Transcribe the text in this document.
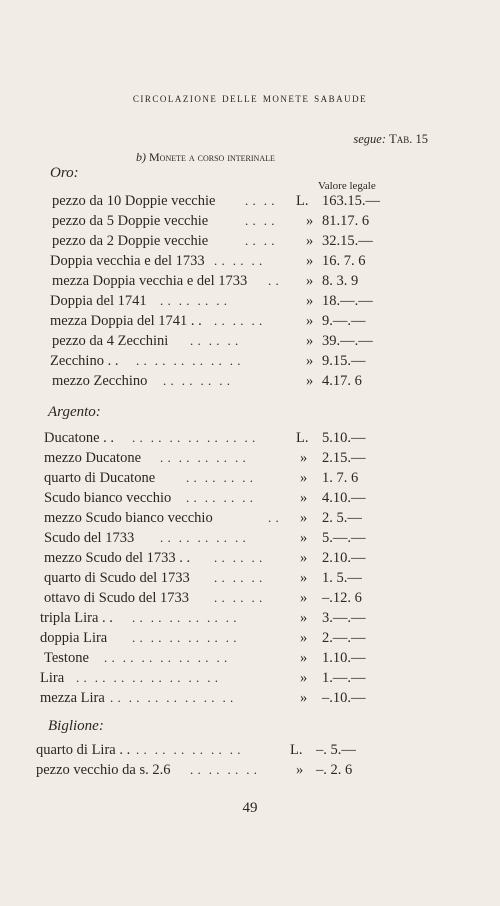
circolazione delle monete sabaude
segue: Tab. 15
b) Monete a corso interinale
Oro:
Valore legale
pezzo da 10 Doppie vecchie . .  . . L. 163.15.—
pezzo da 5 Doppie vecchie	. .  . . » 81.17. 6
pezzo da 2 Doppie vecchie	. .  . . » 32.15.—
Doppia vecchia e del 1733 . .  . .  . .	» 16. 7. 6
mezza Doppia vecchia e del 1733 . . » 8. 3. 9
Doppia del 1741 . .  . .  . .  . .	» 18.—.—
mezza Doppia del 1741 . . . .  . .  . .	» 9.—.—
pezzo da 4 Zecchini . .  . .  . .	» 39.—.—
Zecchino . . . .  . .  . .  . .  . .  . .	» 9.15.—
mezzo Zecchino . .  . .  . .  . .	» 4.17. 6
Argento:
Ducatone . . . .  . .  . .  . .  . .  . .  . .	L. 5.10.—
mezzo Ducatone . .  . .  . .  . .  . .	» 2.15.—
quarto di Ducatone . .  . .  . .  . .	» 1. 7. 6
Scudo bianco vecchio . .  . .  . .  . .	» 4.10.—
mezzo Scudo bianco vecchio	. . » 2. 5.—
Scudo del 1733 . .  . .  . .  . .  . .	» 5.—.—
mezzo Scudo del 1733 . . . .  . .  . .	» 2.10.—
quarto di Scudo del 1733 . .  . .  . .	» 1. 5.—
ottavo di Scudo del 1733 . .  . .  . .	» –.12. 6
tripla Lira . . . .  . .  . .  . .  . .  . .	» 3.—.—
doppia Lira . .  . .  . .  . .  . .  . .	» 2.—.—
Testone . .  . .  . .  . .  . .  . .  . .	» 1.10.—
Lira . .  . .  . .  . .  . .  . .  . .  . .	» 1.—.—
mezza Lira . .  . .  . .  . .  . .  . .  . .	» –.10.—
Biglione:
quarto di Lira . . . .  . .  . .  . .  . .  . .	L. –. 5.—
pezzo vecchio da s. 2.6 . .  . .  . .  . .	» –. 2. 6
49
